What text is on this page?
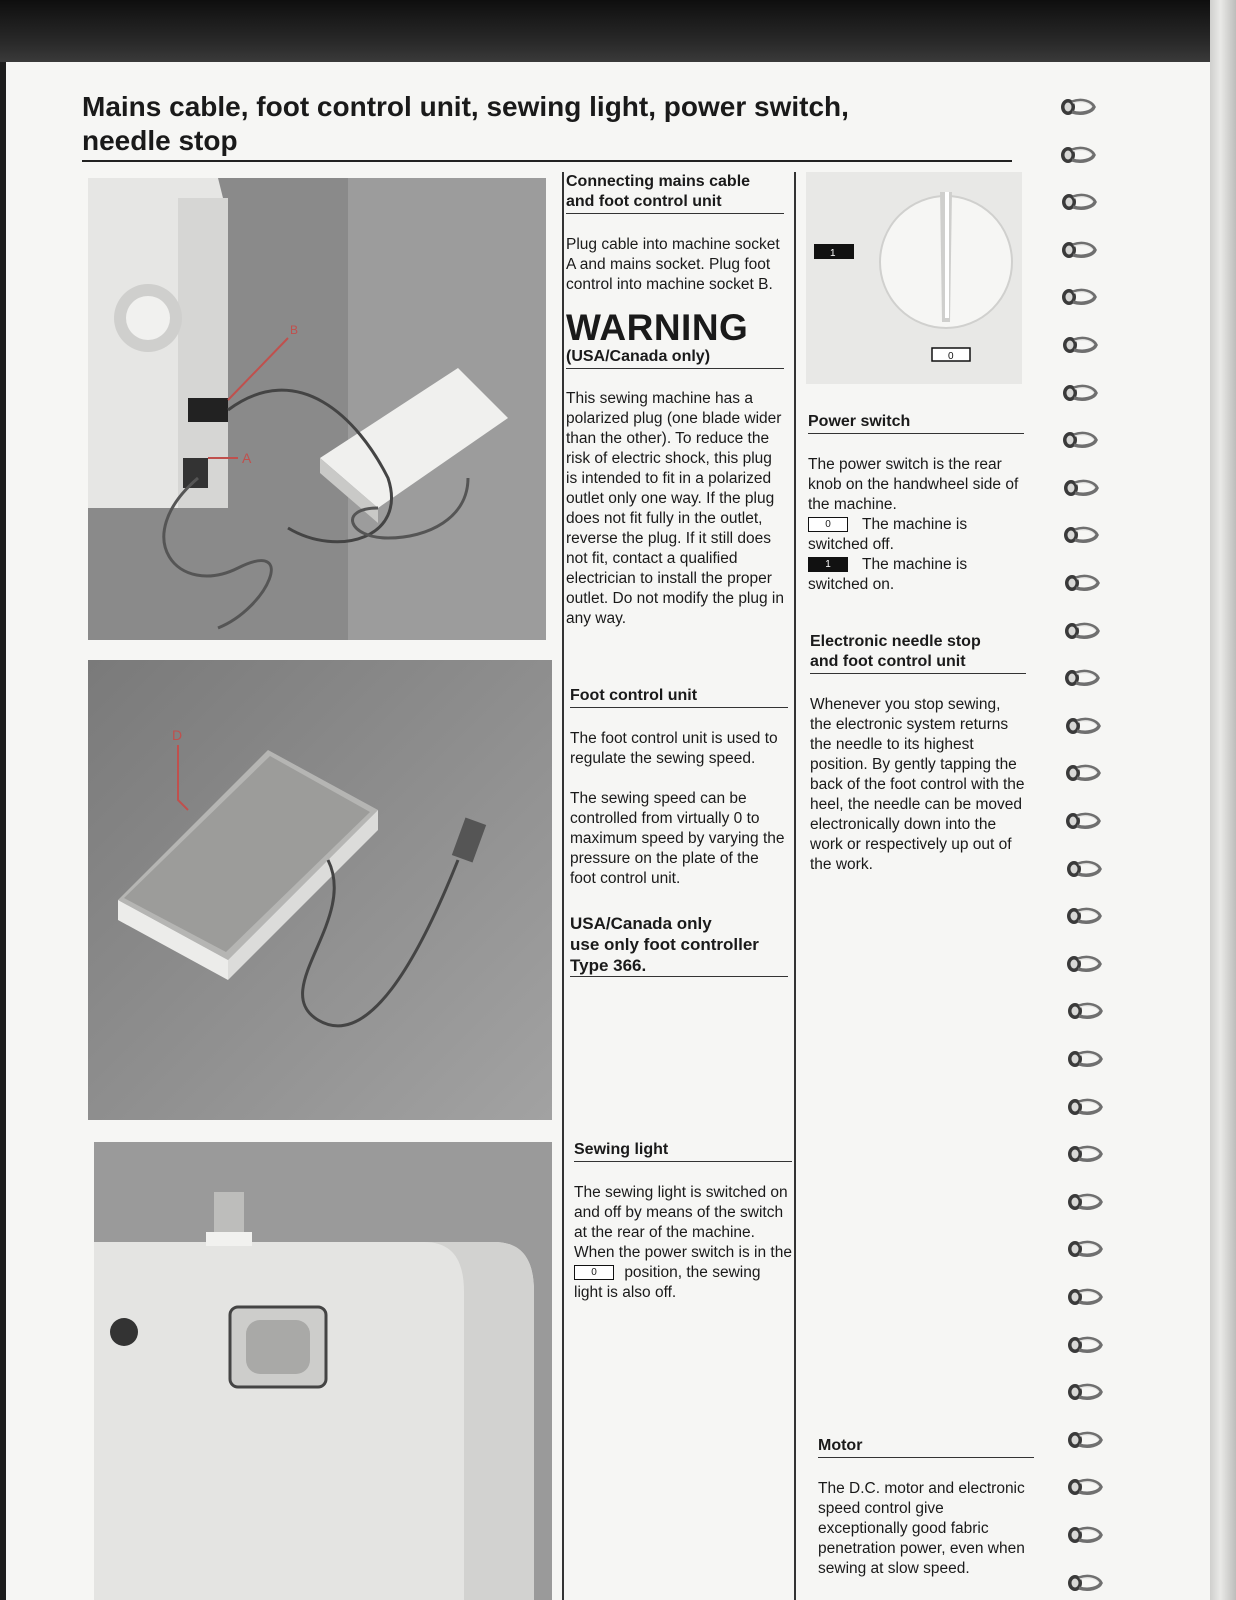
Mains cable, foot control unit, sewing light, power switch,
needle stop
B
A
D
1
0
Connecting mains cable
and foot control unit

Plug cable into machine socket A and mains socket. Plug foot control into machine socket B.

WARNING
(USA/Canada only)

This sewing machine has a polarized plug (one blade wider than the other). To reduce the risk of electric shock, this plug is intended to fit in a polarized outlet only one way. If the plug does not fit fully in the outlet, reverse the plug. If it still does not fit, contact a qualified electrician to install the proper outlet. Do not modify the plug in any way.

Foot control unit

The foot control unit is used to regulate the sewing speed.

The sewing speed can be controlled from virtually 0 to maximum speed by varying the pressure on the plate of the foot control unit.

USA/Canada only
use only foot controller
Type 366.
Sewing light

The sewing light is switched on and off by means of the switch at the rear of the machine.

When the power switch is in the 0 position, the sewing light is also off.

Power switch

The power switch is the rear knob on the handwheel side of the machine.

0 The machine is switched off.

1 The machine is switched on.

Electronic needle stop
and foot control unit

Whenever you stop sewing, the electronic system returns the needle to its highest position. By gently tapping the back of the foot control with the heel, the needle can be moved electronically down into the work or respectively up out of the work.

Motor

The D.C. motor and electronic speed control give exceptionally good fabric penetration power, even when sewing at slow speed.
